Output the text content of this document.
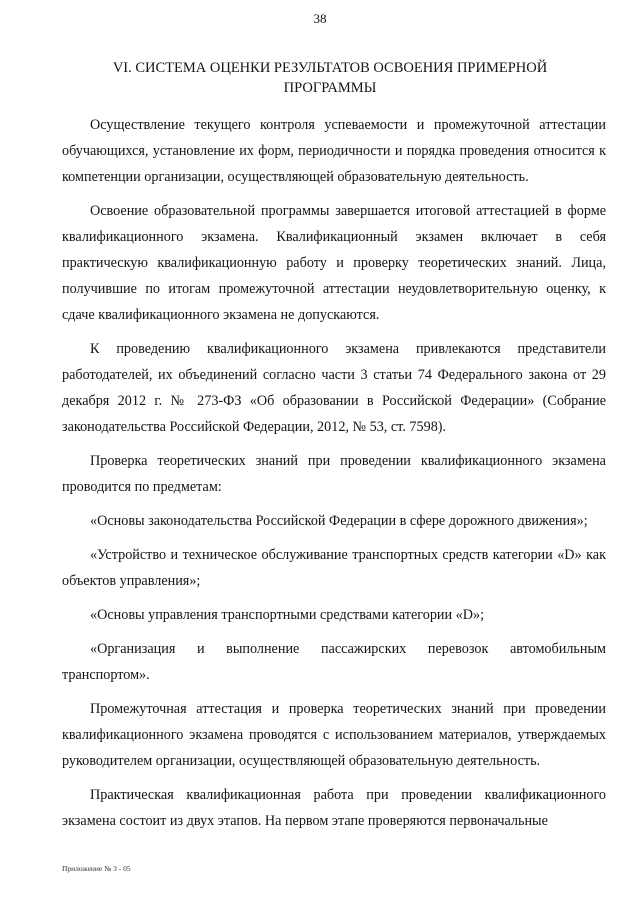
38
VI. СИСТЕМА ОЦЕНКИ РЕЗУЛЬТАТОВ ОСВОЕНИЯ ПРИМЕРНОЙ
ПРОГРАММЫ

Осуществление текущего контроля успеваемости и промежуточной аттестации обучающихся, установление их форм, периодичности и порядка проведения относится к компетенции организации, осуществляющей образовательную деятельность.

Освоение образовательной программы завершается итоговой аттестацией в форме квалификационного экзамена. Квалификационный экзамен включает в себя практическую квалификационную работу и проверку теоретических знаний. Лица, получившие по итогам промежуточной аттестации неудовлетворительную оценку, к сдаче квалификационного экзамена не допускаются.

К проведению квалификационного экзамена привлекаются представители работодателей, их объединений согласно части 3 статьи 74 Федерального закона от 29 декабря 2012 г. № 273-ФЗ «Об образовании в Российской Федерации» (Собрание законодательства Российской Федерации, 2012, № 53, ст. 7598).

Проверка теоретических знаний при проведении квалификационного экзамена проводится по предметам:

«Основы законодательства Российской Федерации в сфере дорожного движения»;

«Устройство и техническое обслуживание транспортных средств категории «D» как объектов управления»;

«Основы управления транспортными средствами категории «D»;

«Организация и выполнение пассажирских перевозок автомобильным транспортом».

Промежуточная аттестация и проверка теоретических знаний при проведении квалификационного экзамена проводятся с использованием материалов, утверждаемых руководителем организации, осуществляющей образовательную деятельность.

Практическая квалификационная работа при проведении квалификационного экзамена состоит из двух этапов. На первом этапе проверяются первоначальные

Приложение № 3 - 05
